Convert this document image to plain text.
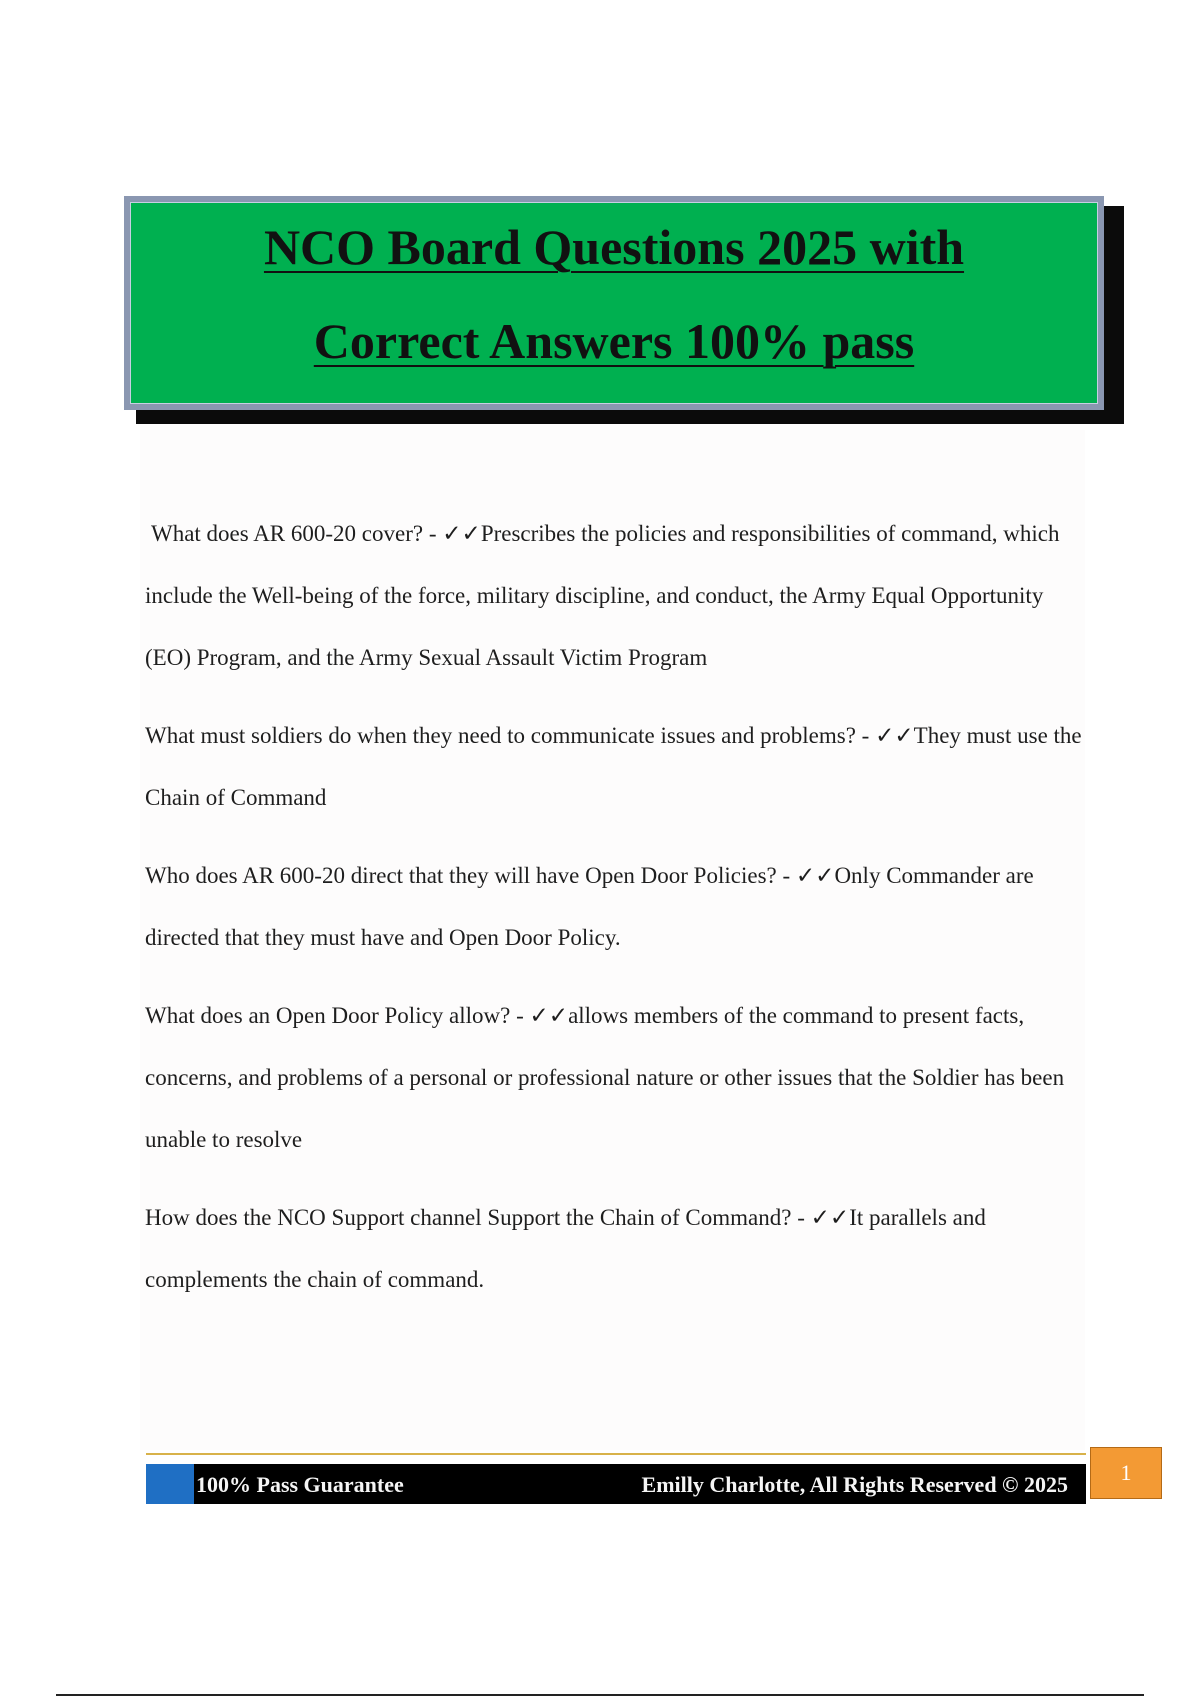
NCO Board Questions 2025 with
Correct Answers 100% pass

What does AR 600-20 cover? - ✓✓Prescribes the policies and responsibilities of command, which include the Well-being of the force, military discipline, and conduct, the Army Equal Opportunity (EO) Program, and the Army Sexual Assault Victim Program

What must soldiers do when they need to communicate issues and problems? - ✓✓They must use the Chain of Command

Who does AR 600-20 direct that they will have Open Door Policies? - ✓✓Only Commander are directed that they must have and Open Door Policy.

What does an Open Door Policy allow? - ✓✓allows members of the command to present facts, concerns, and problems of a personal or professional nature or other issues that the Soldier has been unable to resolve

How does the NCO Support channel Support the Chain of Command? - ✓✓It parallels and complements the chain of command.

100% Pass Guarantee	Emilly Charlotte, All Rights Reserved © 2025	1
